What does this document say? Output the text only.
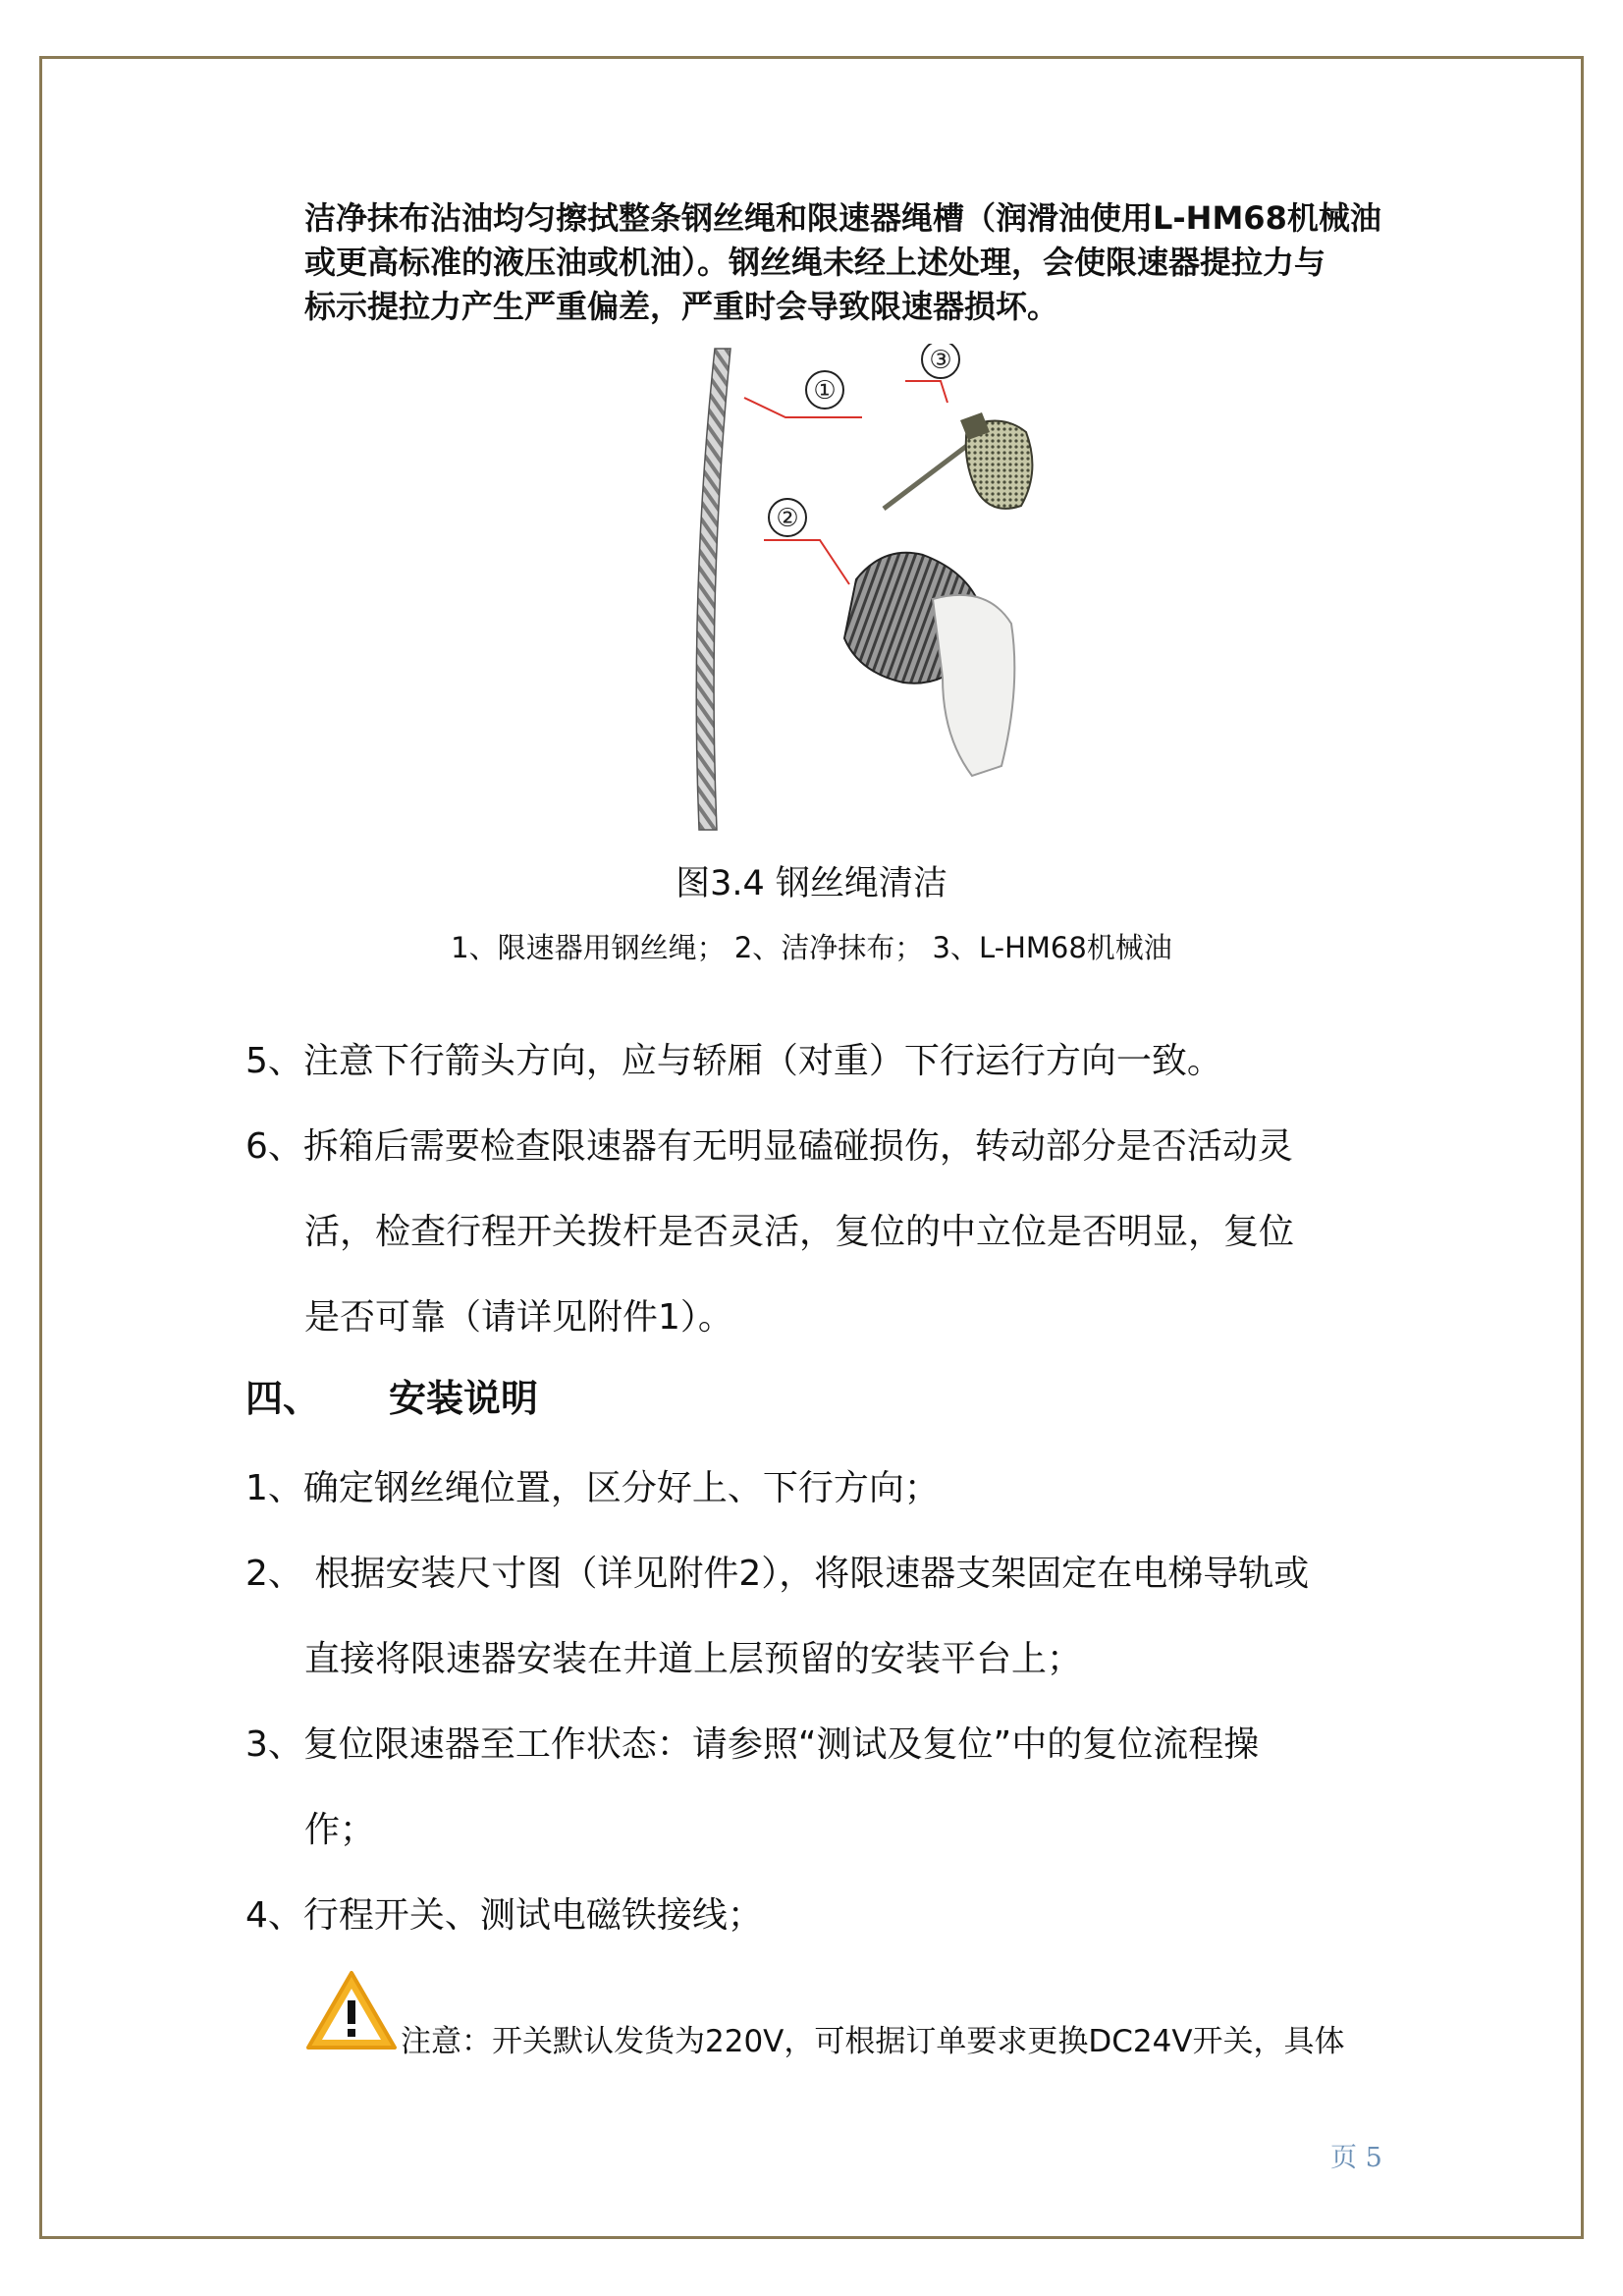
洁净抹布沾油均匀擦拭整条钢丝绳和限速器绳槽（润滑油使用L-HM68机械油

或更高标准的液压油或机油）。钢丝绳未经上述处理，会使限速器提拉力与

标示提拉力产生严重偏差，严重时会导致限速器损坏。

①
③
②
图3.4 钢丝绳清洁
1、限速器用钢丝绳； 2、洁净抹布； 3、L-HM68机械油
5、注意下行箭头方向，应与轿厢（对重）下行运行方向一致。
6、拆箱后需要检查限速器有无明显磕碰损伤，转动部分是否活动灵
活，检查行程开关拨杆是否灵活，复位的中立位是否明显，复位
是否可靠（请详见附件1）。
四、 安装说明
1、确定钢丝绳位置，区分好上、下行方向；
2、 根据安装尺寸图（详见附件2），将限速器支架固定在电梯导轨或
直接将限速器安装在井道上层预留的安装平台上；
3、复位限速器至工作状态：请参照“测试及复位”中的复位流程操
作；
4、行程开关、测试电磁铁接线；
注意：开关默认发货为220V，可根据订单要求更换DC24V开关，具体
页 5
